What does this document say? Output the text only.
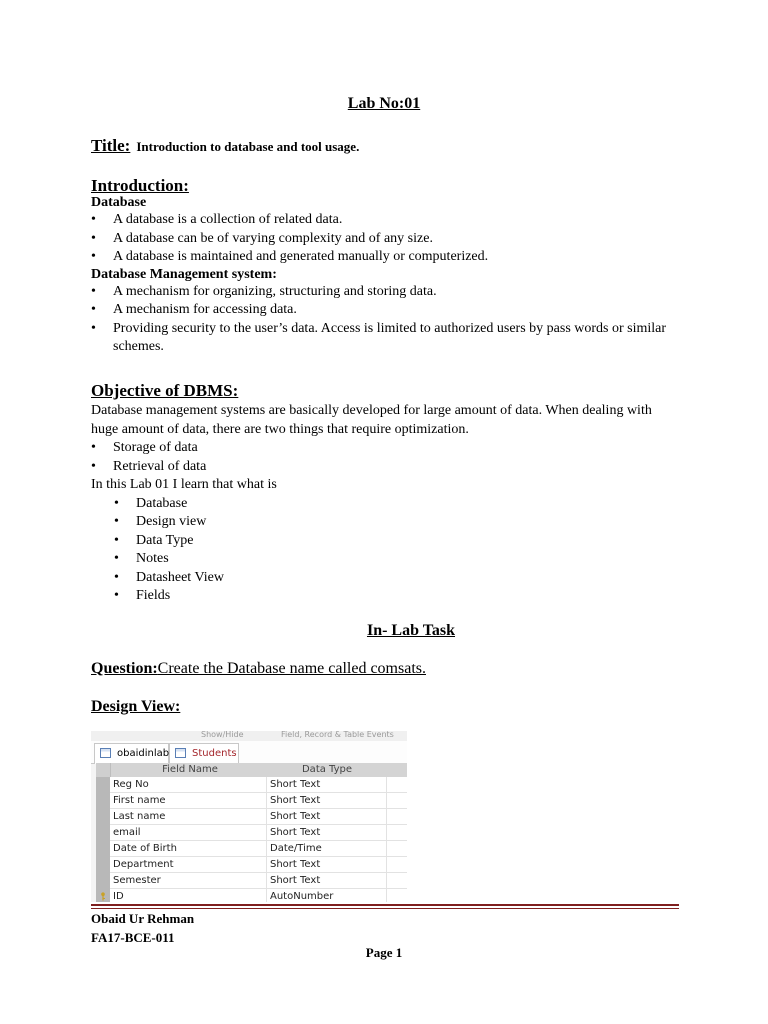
Lab No:01
Title: Introduction to database and tool usage.
Introduction:
Database
• A database is a collection of related data.
• A database can be of varying complexity and of any size.
• A database is maintained and generated manually or computerized.
Database Management system:
• A mechanism for organizing, structuring and storing data.
• A mechanism for accessing data.
• Providing security to the user’s data. Access is limited to authorized users by pass words or similar schemes.
Objective of DBMS:
Database management systems are basically developed for large amount of data. When dealing with huge amount of data, there are two things that require optimization.
• Storage of data
• Retrieval of data
In this Lab 01 I learn that what is
• Database
• Design view
• Data Type
• Notes
• Datasheet View
• Fields
In- Lab Task
Question:Create the Database name called comsats.
Design View:
Show/Hide	Field, Record & Table Events
obaidinlab Students
Field Name	Data Type
Reg No	Short Text
First name	Short Text
Last name	Short Text
email	Short Text
Date of Birth	Date/Time
Department	Short Text
Semester	Short Text
ID	AutoNumber
Obaid Ur Rehman
FA17-BCE-011
Page 1
